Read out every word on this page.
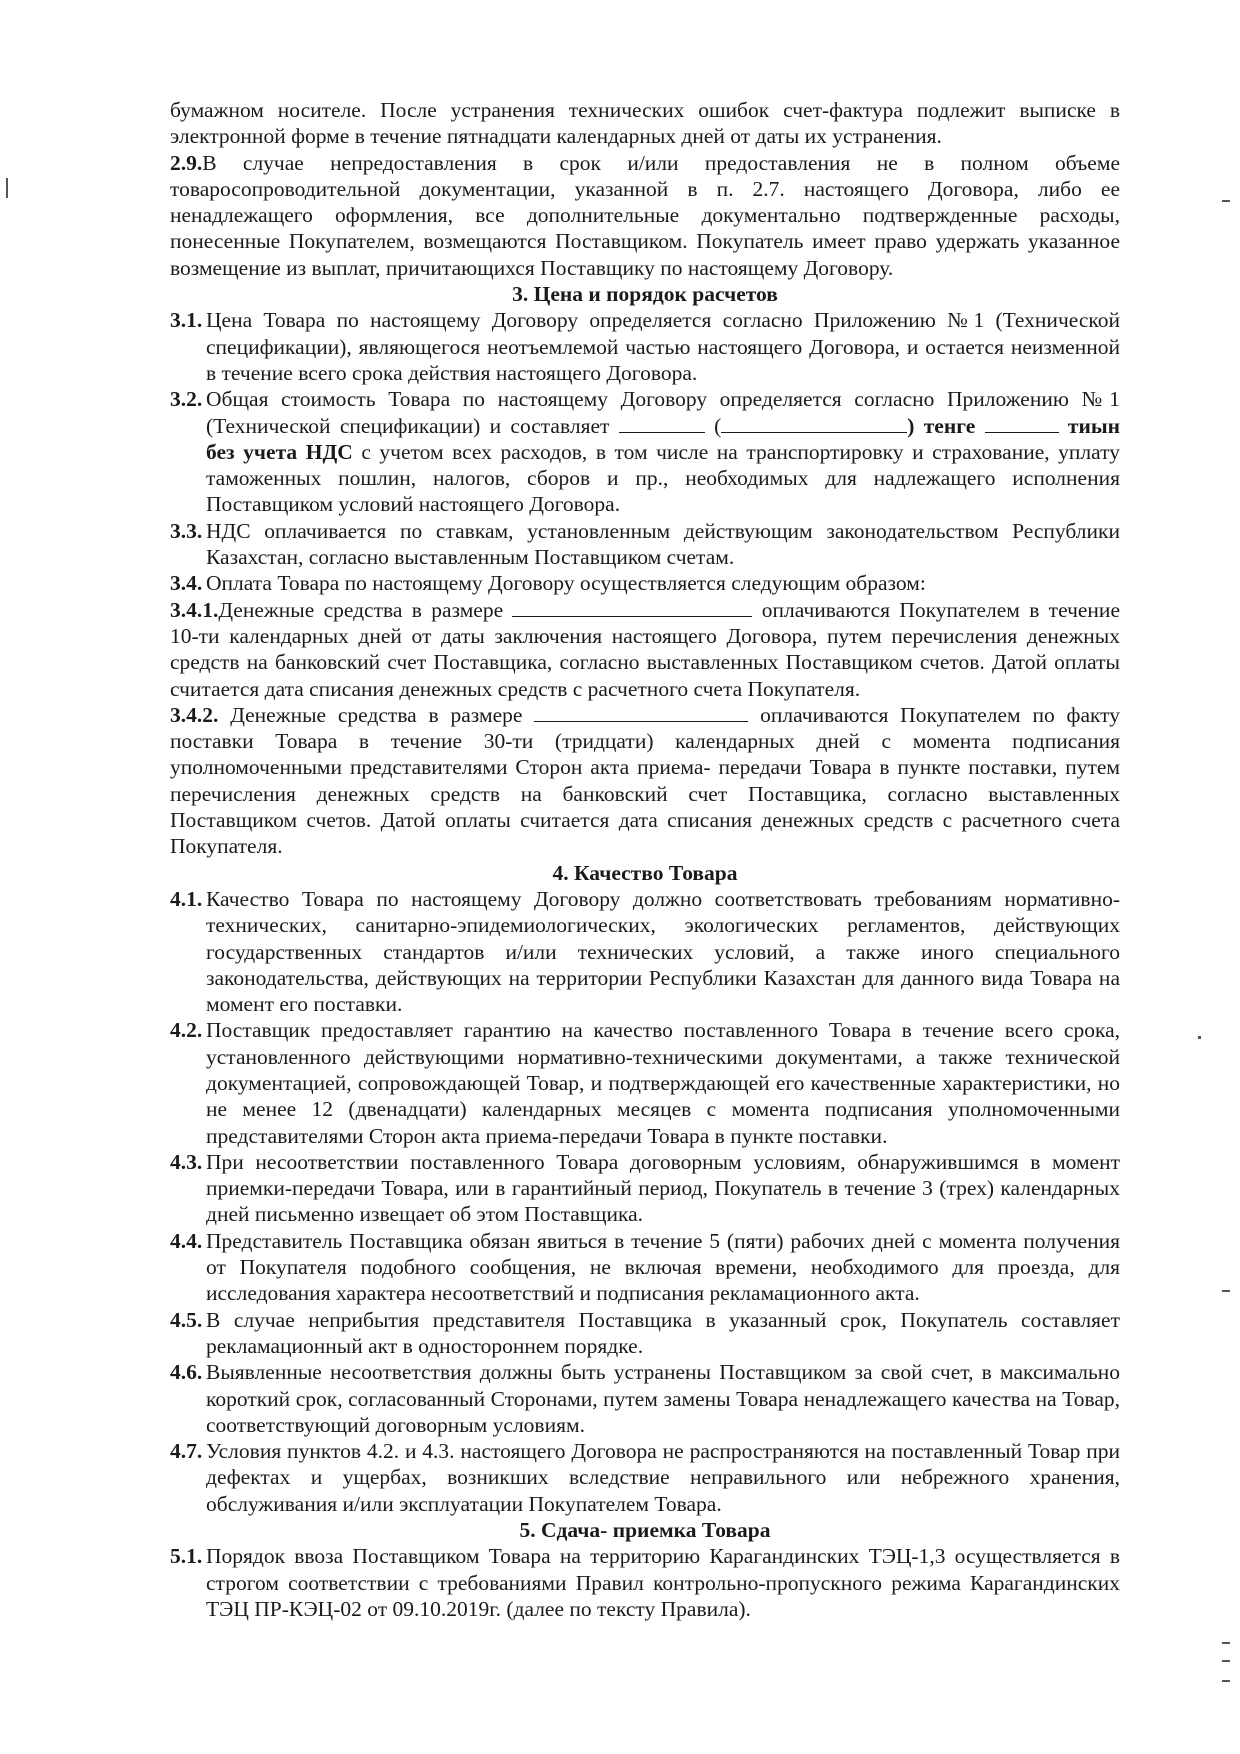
бумажном носителе. После устранения технических ошибок счет-фактура подлежит выписке в электронной форме в течение пятнадцати календарных дней от даты их устранения.

2.9.В случае непредоставления в срок и/или предоставления не в полном объеме товаросопроводительной документации, указанной в п. 2.7. настоящего Договора, либо ее ненадлежащего оформления, все дополнительные документально подтвержденные расходы, понесенные Покупателем, возмещаются Поставщиком. Покупатель имеет право удержать указанное возмещение из выплат, причитающихся Поставщику по настоящему Договору.

3. Цена и порядок расчетов

3.1. Цена Товара по настоящему Договору определяется согласно Приложению №1 (Технической спецификации), являющегося неотъемлемой частью настоящего Договора, и остается неизменной в течение всего срока действия настоящего Договора.
3.2. Общая стоимость Товара по настоящему Договору определяется согласно Приложению №1 (Технической спецификации) и составляет	(	) тенге	тиын без учета НДС с учетом всех расходов, в том числе на транспортировку и страхование, уплату таможенных пошлин, налогов, сборов и пр., необходимых для надлежащего исполнения Поставщиком условий настоящего Договора.
3.3. НДС оплачивается по ставкам, установленным действующим законодательством Республики Казахстан, согласно выставленным Поставщиком счетам.
3.4. Оплата Товара по настоящему Договору осуществляется следующим образом:

3.4.1.Денежные средства в размере	оплачиваются Покупателем в течение 10-ти календарных дней от даты заключения настоящего Договора, путем перечисления денежных средств на банковский счет Поставщика, согласно выставленных Поставщиком счетов. Датой оплаты считается дата списания денежных средств с расчетного счета Покупателя.

3.4.2. Денежные средства в размере	оплачиваются Покупателем по факту поставки Товара в течение 30-ти (тридцати) календарных дней с момента подписания уполномоченными представителями Сторон акта приема- передачи Товара в пункте поставки, путем перечисления денежных средств на банковский счет Поставщика, согласно выставленных Поставщиком счетов. Датой оплаты считается дата списания денежных средств с расчетного счета Покупателя.

4. Качество Товара

4.1. Качество Товара по настоящему Договору должно соответствовать требованиям нормативно-технических, санитарно-эпидемиологических, экологических регламентов, действующих государственных стандартов и/или технических условий, а также иного специального законодательства, действующих на территории Республики Казахстан для данного вида Товара на момент его поставки.
4.2. Поставщик предоставляет гарантию на качество поставленного Товара в течение всего срока, установленного действующими нормативно-техническими документами, а также технической документацией, сопровождающей Товар, и подтверждающей его качественные характеристики, но не менее 12 (двенадцати) календарных месяцев с момента подписания уполномоченными представителями Сторон акта приема-передачи Товара в пункте поставки.
4.3. При несоответствии поставленного Товара договорным условиям, обнаружившимся в момент приемки-передачи Товара, или в гарантийный период, Покупатель в течение 3 (трех) календарных дней письменно извещает об этом Поставщика.
4.4. Представитель Поставщика обязан явиться в течение 5 (пяти) рабочих дней с момента получения от Покупателя подобного сообщения, не включая времени, необходимого для проезда, для исследования характера несоответствий и подписания рекламационного акта.
4.5. В случае неприбытия представителя Поставщика в указанный срок, Покупатель составляет рекламационный акт в одностороннем порядке.
4.6. Выявленные несоответствия должны быть устранены Поставщиком за свой счет, в максимально короткий срок, согласованный Сторонами, путем замены Товара ненадлежащего качества на Товар, соответствующий договорным условиям.
4.7. Условия пунктов 4.2. и 4.3. настоящего Договора не распространяются на поставленный Товар при дефектах и ущербах, возникших вследствие неправильного или небрежного хранения, обслуживания и/или эксплуатации Покупателем Товара.

5. Сдача- приемка Товара

5.1. Порядок ввоза Поставщиком Товара на территорию Карагандинских ТЭЦ-1,3 осуществляется в строгом соответствии с требованиями Правил контрольно-пропускного режима Карагандинских ТЭЦ ПР-КЭЦ-02 от 09.10.2019г. (далее по тексту Правила).
